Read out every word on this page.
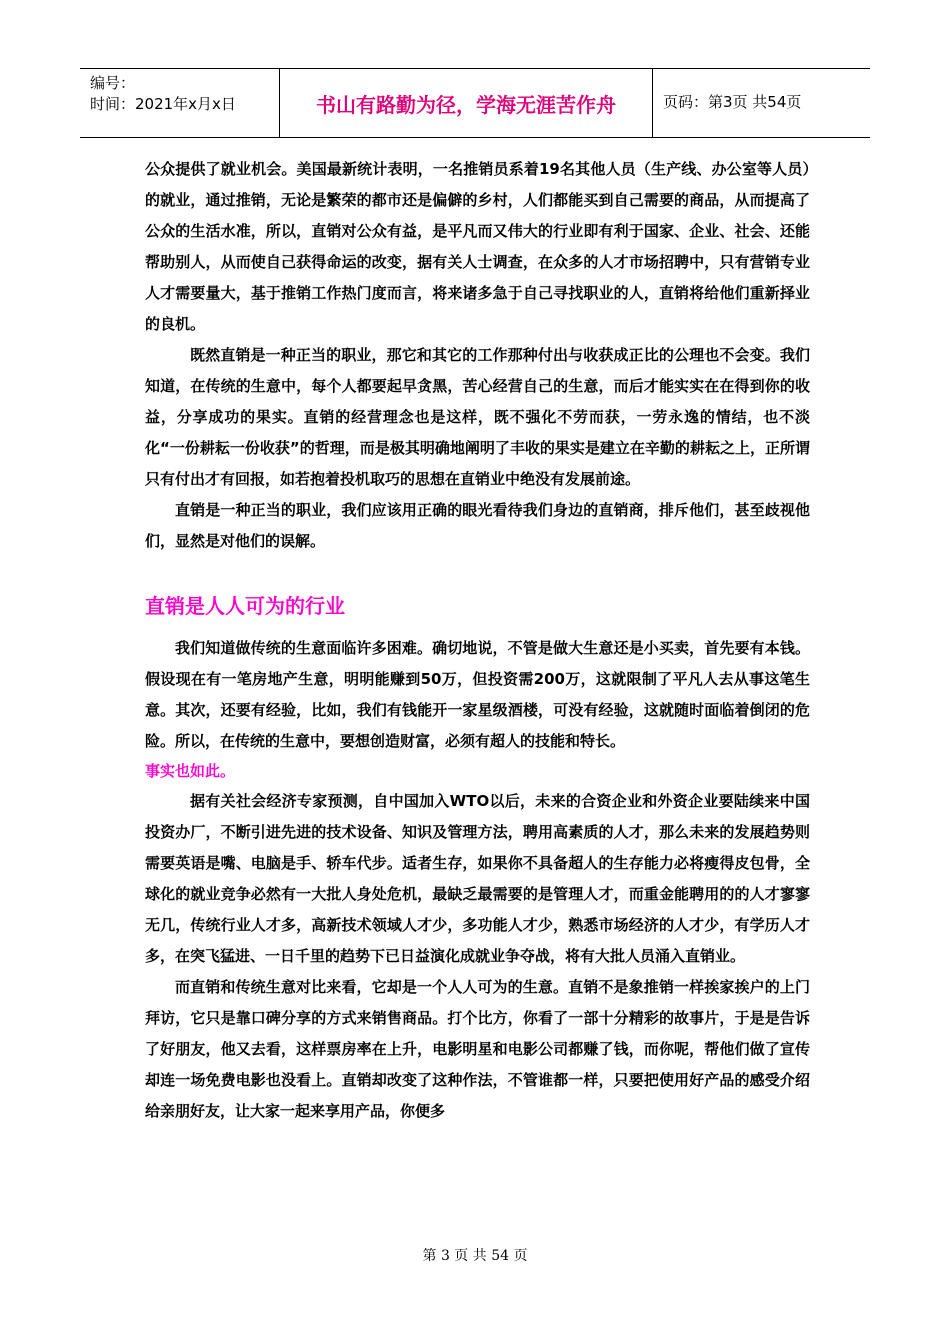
编号：
时间：2021年x月x日	书山有路勤为径，学海无涯苦作舟	页码：第3页 共54页

公众提供了就业机会。美国最新统计表明，一名推销员系着19名其他人员（生产线、办公室等人员）的就业，通过推销，无论是繁荣的都市还是偏僻的乡村，人们都能买到自己需要的商品，从而提高了公众的生活水准，所以，直销对公众有益，是平凡而又伟大的行业即有利于国家、企业、社会、还能帮助别人，从而使自己获得命运的改变，据有关人士调查，在众多的人才市场招聘中，只有营销专业人才需要量大，基于推销工作热门度而言，将来诸多急于自己寻找职业的人，直销将给他们重新择业的良机。

既然直销是一种正当的职业，那它和其它的工作那种付出与收获成正比的公理也不会变。我们知道，在传统的生意中，每个人都要起早贪黑，苦心经营自己的生意，而后才能实实在在得到你的收益，分享成功的果实。直销的经营理念也是这样，既不强化不劳而获，一劳永逸的情结，也不淡化“一份耕耘一份收获”的哲理，而是极其明确地阐明了丰收的果实是建立在辛勤的耕耘之上，正所谓只有付出才有回报，如若抱着投机取巧的思想在直销业中绝没有发展前途。

直销是一种正当的职业，我们应该用正确的眼光看待我们身边的直销商，排斥他们，甚至歧视他们，显然是对他们的误解。

直销是人人可为的行业

我们知道做传统的生意面临许多困难。确切地说，不管是做大生意还是小买卖，首先要有本钱。假设现在有一笔房地产生意，明明能赚到50万，但投资需200万，这就限制了平凡人去从事这笔生意。其次，还要有经验，比如，我们有钱能开一家星级酒楼，可没有经验，这就随时面临着倒闭的危险。所以，在传统的生意中，要想创造财富，必须有超人的技能和特长。

事实也如此。

据有关社会经济专家预测，自中国加入WTO以后，未来的合资企业和外资企业要陆续来中国投资办厂，不断引进先进的技术设备、知识及管理方法，聘用高素质的人才，那么未来的发展趋势则需要英语是嘴、电脑是手、轿车代步。适者生存，如果你不具备超人的生存能力必将瘦得皮包骨，全球化的就业竞争必然有一大批人身处危机，最缺乏最需要的是管理人才，而重金能聘用的的人才寥寥无几，传统行业人才多，高新技术领域人才少，多功能人才少，熟悉市场经济的人才少，有学历人才多，在突飞猛进、一日千里的趋势下已日益演化成就业争夺战，将有大批人员涌入直销业。

而直销和传统生意对比来看，它却是一个人人可为的生意。直销不是象推销一样挨家挨户的上门拜访，它只是靠口碑分享的方式来销售商品。打个比方，你看了一部十分精彩的故事片，于是是告诉了好朋友，他又去看，这样票房率在上升，电影明星和电影公司都赚了钱，而你呢，帮他们做了宣传却连一场免费电影也没看上。直销却改变了这种作法，不管谁都一样，只要把使用好产品的感受介绍给亲朋好友，让大家一起来享用产品，你便多

第 3 页 共 54 页
